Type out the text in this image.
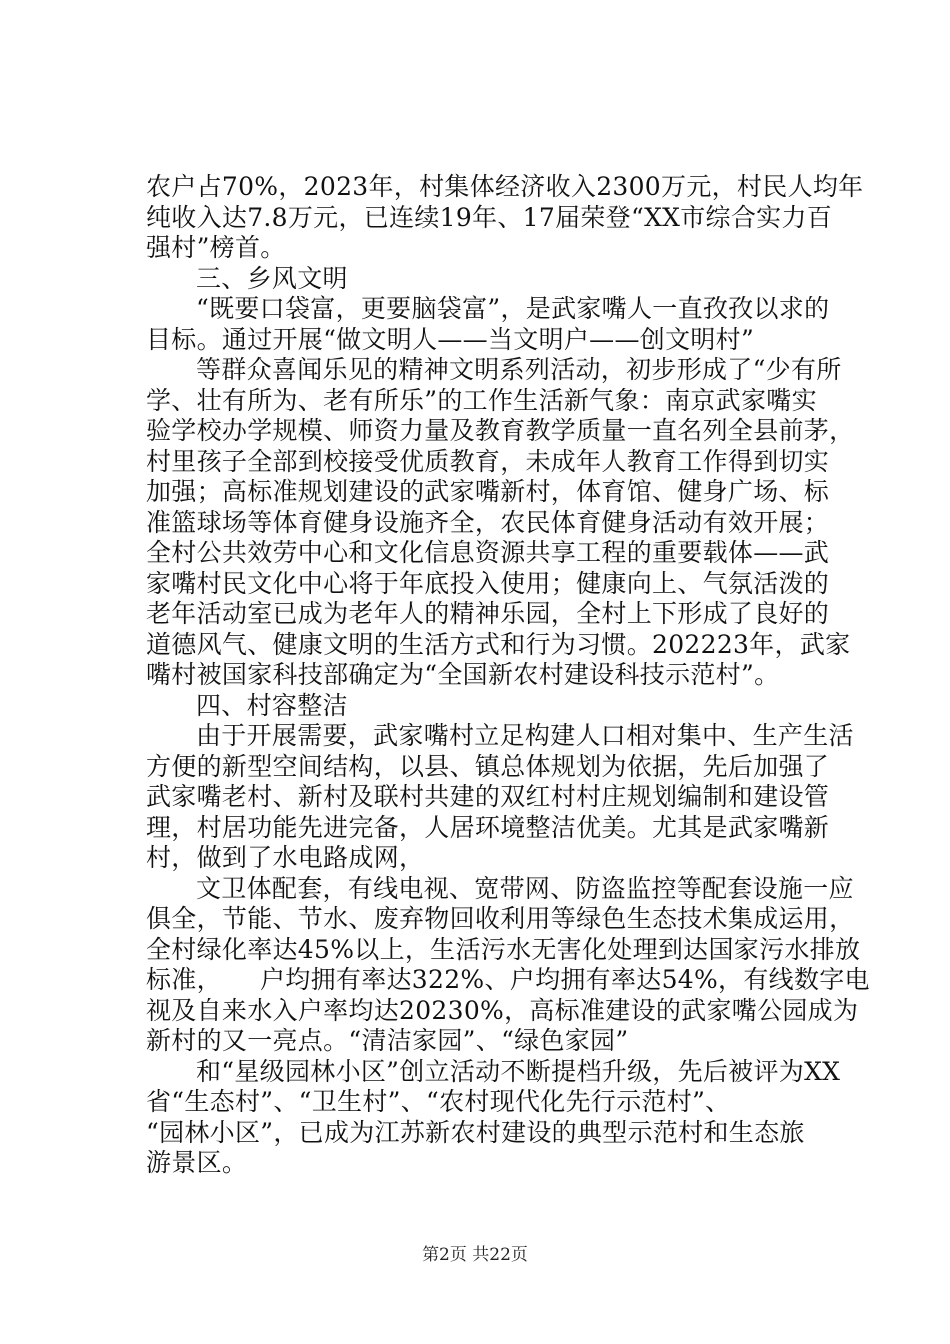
农户占70%，2023年，村集体经济收入2300万元，村民人均年
纯收入达7.8万元，已连续19年、17届荣登“XX市综合实力百
强村”榜首。
三、乡风文明
“既要口袋富，更要脑袋富”，是武家嘴人一直孜孜以求的
目标。通过开展“做文明人——当文明户——创文明村”
等群众喜闻乐见的精神文明系列活动，初步形成了“少有所
学、壮有所为、老有所乐”的工作生活新气象：南京武家嘴实
验学校办学规模、师资力量及教育教学质量一直名列全县前茅，
村里孩子全部到校接受优质教育，未成年人教育工作得到切实
加强；高标准规划建设的武家嘴新村，体育馆、健身广场、标
准篮球场等体育健身设施齐全，农民体育健身活动有效开展；
全村公共效劳中心和文化信息资源共享工程的重要载体——武
家嘴村民文化中心将于年底投入使用；健康向上、气氛活泼的
老年活动室已成为老年人的精神乐园，全村上下形成了良好的
道德风气、健康文明的生活方式和行为习惯。202223年，武家
嘴村被国家科技部确定为“全国新农村建设科技示范村”。
四、村容整洁
由于开展需要，武家嘴村立足构建人口相对集中、生产生活
方便的新型空间结构，以县、镇总体规划为依据，先后加强了
武家嘴老村、新村及联村共建的双红村村庄规划编制和建设管
理，村居功能先进完备，人居环境整洁优美。尤其是武家嘴新
村，做到了水电路成网，
文卫体配套，有线电视、宽带网、防盗监控等配套设施一应
俱全，节能、节水、废弃物回收利用等绿色生态技术集成运用，
全村绿化率达45%以上，生活污水无害化处理到达国家污水排放
标准，　　户均拥有率达322%、户均拥有率达54%，有线数字电
视及自来水入户率均达20230%，高标准建设的武家嘴公园成为
新村的又一亮点。“清洁家园”、“绿色家园”
和“星级园林小区”创立活动不断提档升级，先后被评为XX
省“生态村”、“卫生村”、“农村现代化先行示范村”、
“园林小区”，已成为江苏新农村建设的典型示范村和生态旅
游景区。
第2页 共22页
